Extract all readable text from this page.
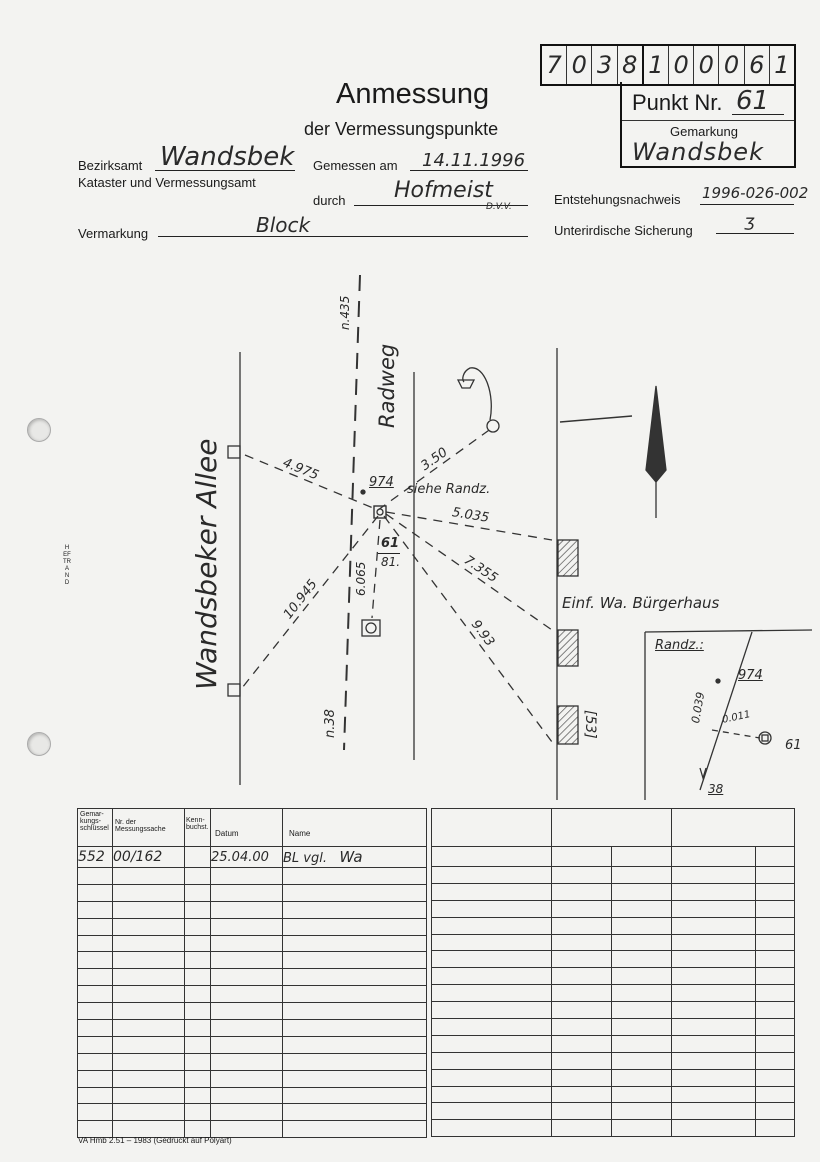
HEFTRAND
7 0 3 8 1 0 0 0 6 1
Punkt Nr. 61
Gemarkung
Wandsbek
Anmessung
der Vermessungspunkte
Bezirksamt Wandsbek
Kataster und Vermessungsamt
Gemessen am 14.11.1996
durch Hofmeist
D.V.V.	Entstehungsnachweis 1996-026-002
Vermarkung	Block	Unterirdische Sicherung	Ʒ
Wandsbeker Allee
Radweg
n.435
n.38
974 siehe Randz.
61
81.
4.975	3.50
5.035
7.355
9.93
10.945	6.065
Einf. Wa. Bürgerhaus
[53]
Randz.:
974
0.039 0.011
61
38
Gemar-kungs-schlüssel	Nr. der Messungssache	Kenn-buchst.	Datum	Name
552	00/162		25.04.00	BL vgl. Wa

VA Hmb 2.51 – 1983 (Gedruckt auf Polyart)
